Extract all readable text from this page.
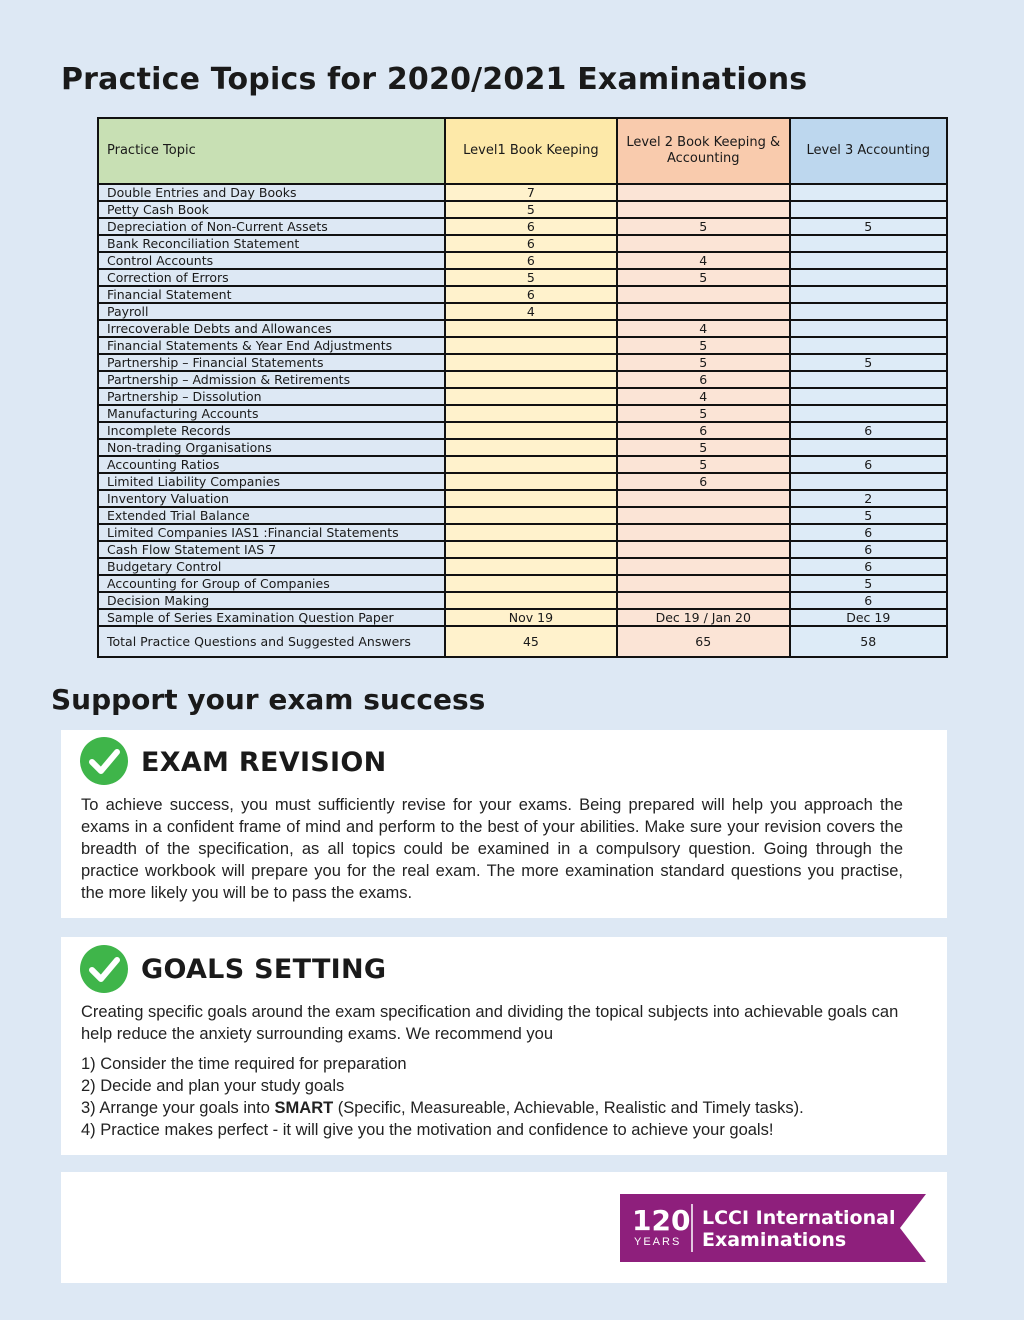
Practice Topics for 2020/2021 Examinations
Practice Topic	Level1 Book Keeping	Level 2 Book Keeping & Accounting	Level 3 Accounting
Double Entries and Day Books	7		
Petty Cash Book	5		
Depreciation of Non-Current Assets	6	5	5
Bank Reconciliation Statement	6		
Control Accounts	6	4	
Correction of Errors	5	5	
Financial Statement	6		
Payroll	4		
Irrecoverable Debts and Allowances		4	
Financial Statements & Year End Adjustments		5	
Partnership – Financial Statements		5	5
Partnership – Admission & Retirements		6	
Partnership – Dissolution		4	
Manufacturing Accounts		5	
Incomplete Records		6	6
Non-trading Organisations		5	
Accounting Ratios		5	6
Limited Liability Companies		6	
Inventory Valuation			2
Extended Trial Balance			5
Limited Companies IAS1 :Financial Statements			6
Cash Flow Statement IAS 7			6
Budgetary Control			6
Accounting for Group of Companies			5
Decision Making			6
Sample of Series Examination Question Paper	Nov 19	Dec 19 / Jan 20	Dec 19
Total Practice Questions and Suggested Answers	45	65	58
Support your exam success
EXAM REVISION

To achieve success, you must sufficiently revise for your exams. Being prepared will help you approach the exams in a confident frame of mind and perform to the best of your abilities. Make sure your revision covers the breadth of the specification, as all topics could be examined in a compulsory question. Going through the practice workbook will prepare you for the real exam. The more examination standard questions you practise, the more likely you will be to pass the exams.

GOALS SETTING

Creating specific goals around the exam specification and dividing the topical subjects into achievable goals can help reduce the anxiety surrounding exams. We recommend you

1) Consider the time required for preparation
2) Decide and plan your study goals
3) Arrange your goals into SMART (Specific, Measureable, Achievable, Realistic and Timely tasks).
4) Practice makes perfect - it will give you the motivation and confidence to achieve your goals!
120
YEARS
LCCI International
Examinations
